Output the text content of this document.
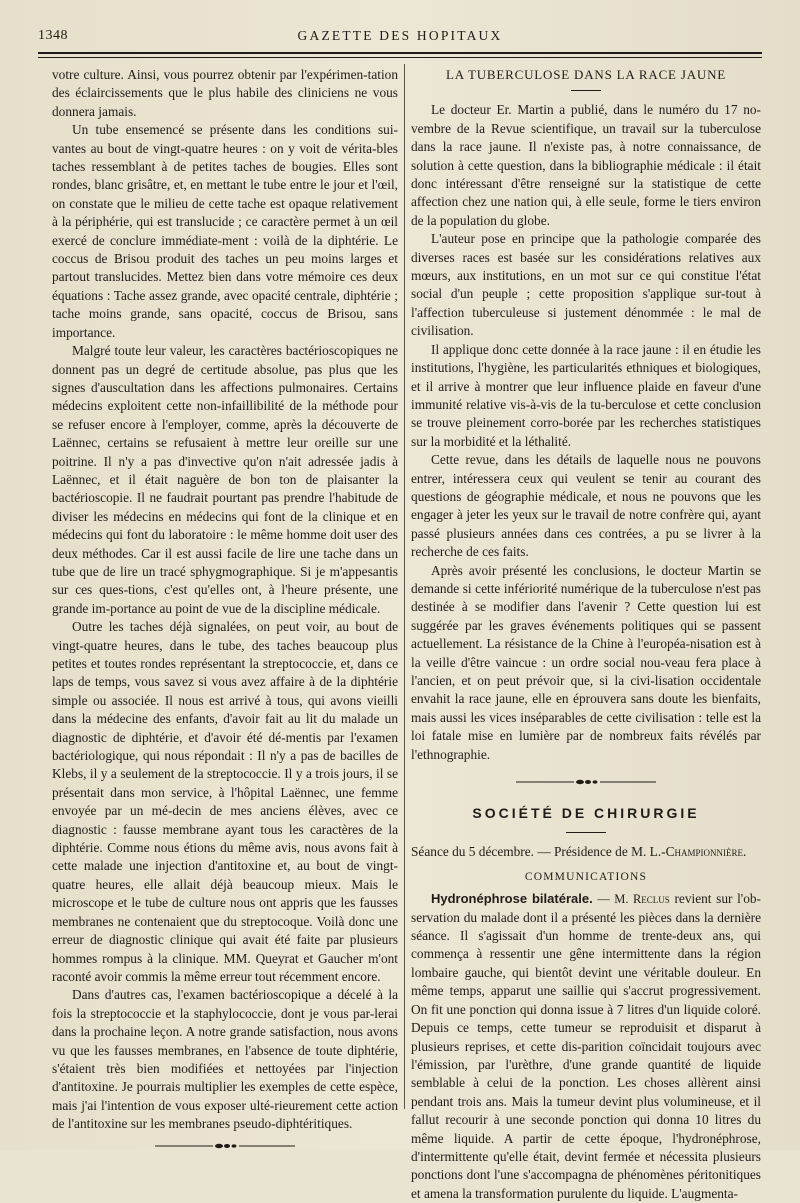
1348	GAZETTE DES HOPITAUX

votre culture. Ainsi, vous pourrez obtenir par l'expérimen-tation des éclaircissements que le plus habile des cliniciens ne vous donnera jamais.

Un tube ensemencé se présente dans les conditions sui-vantes au bout de vingt-quatre heures : on y voit de vérita-bles taches ressemblant à de petites taches de bougies. Elles sont rondes, blanc grisâtre, et, en mettant le tube entre le jour et l'œil, on constate que le milieu de cette tache est opaque relativement à la périphérie, qui est translucide ; ce caractère permet à un œil exercé de conclure immédiate-ment : voilà de la diphtérie. Le coccus de Brisou produit des taches un peu moins larges et partout translucides. Mettez bien dans votre mémoire ces deux équations : Tache assez grande, avec opacité centrale, diphtérie ; tache moins grande, sans opacité, coccus de Brisou, sans importance.

Malgré toute leur valeur, les caractères bactérioscopiques ne donnent pas un degré de certitude absolue, pas plus que les signes d'auscultation dans les affections pulmonaires. Certains médecins exploitent cette non-infaillibilité de la méthode pour se refuser encore à l'employer, comme, après la découverte de Laënnec, certains se refusaient à mettre leur oreille sur une poitrine. Il n'y a pas d'invective qu'on n'ait adressée jadis à Laënnec, et il était naguère de bon ton de plaisanter la bactérioscopie. Il ne faudrait pourtant pas prendre l'habitude de diviser les médecins en médecins qui font de la clinique et en médecins qui font du laboratoire : le même homme doit user des deux méthodes. Car il est aussi facile de lire une tache dans un tube que de lire un tracé sphygmographique. Si je m'appesantis sur ces ques-tions, c'est qu'elles ont, à l'heure présente, une grande im-portance au point de vue de la discipline médicale.

Outre les taches déjà signalées, on peut voir, au bout de vingt-quatre heures, dans le tube, des taches beaucoup plus petites et toutes rondes représentant la streptococcie, et, dans ce laps de temps, vous savez si vous avez affaire à de la diphtérie simple ou associée. Il nous est arrivé à tous, qui avons vieilli dans la médecine des enfants, d'avoir fait au lit du malade un diagnostic de diphtérie, et d'avoir été dé-mentis par l'examen bactériologique, qui nous répondait : Il n'y a pas de bacilles de Klebs, il y a seulement de la streptococcie. Il y a trois jours, il se présentait dans mon service, à l'hôpital Laënnec, une femme envoyée par un mé-decin de mes anciens élèves, avec ce diagnostic : fausse membrane ayant tous les caractères de la diphtérie. Comme nous étions du même avis, nous avons fait à cette malade une injection d'antitoxine et, au bout de vingt-quatre heures, elle allait déjà beaucoup mieux. Mais le microscope et le tube de culture nous ont appris que les fausses membranes ne contenaient que du streptocoque. Voilà donc une erreur de diagnostic clinique qui avait été faite par plusieurs hommes rompus à la clinique. MM. Queyrat et Gaucher m'ont raconté avoir commis la même erreur tout récemment encore.

Dans d'autres cas, l'examen bactérioscopique a décelé à la fois la streptococcie et la staphylococcie, dont je vous par-lerai dans la prochaine leçon. A notre grande satisfaction, nous avons vu que les fausses membranes, en l'absence de toute diphtérie, s'étaient très bien modifiées et nettoyées par l'injection d'antitoxine. Je pourrais multiplier les exemples de cette espèce, mais j'ai l'intention de vous exposer ulté-rieurement cette action de l'antitoxine sur les membranes pseudo-diphtéritiques.

LA TUBERCULOSE DANS LA RACE JAUNE

Le docteur Er. Martin a publié, dans le numéro du 17 no-vembre de la Revue scientifique, un travail sur la tuberculose dans la race jaune. Il n'existe pas, à notre connaissance, de solution à cette question, dans la bibliographie médicale : il était donc intéressant d'être renseigné sur la statistique de cette affection chez une nation qui, à elle seule, forme le tiers environ de la population du globe.

L'auteur pose en principe que la pathologie comparée des diverses races est basée sur les considérations relatives aux mœurs, aux institutions, en un mot sur ce qui constitue l'état social d'un peuple ; cette proposition s'applique sur-tout à l'affection tuberculeuse si justement dénommée : le mal de civilisation.

Il applique donc cette donnée à la race jaune : il en étudie les institutions, l'hygiène, les particularités ethniques et biologiques, et il arrive à montrer que leur influence plaide en faveur d'une immunité relative vis-à-vis de la tu-berculose et cette conclusion se trouve pleinement corro-borée par les recherches statistiques sur la morbidité et la léthalité.

Cette revue, dans les détails de laquelle nous ne pouvons entrer, intéressera ceux qui veulent se tenir au courant des questions de géographie médicale, et nous ne pouvons que les engager à jeter les yeux sur le travail de notre confrère qui, ayant passé plusieurs années dans ces contrées, a pu se livrer à la recherche de ces faits.

Après avoir présenté les conclusions, le docteur Martin se demande si cette infériorité numérique de la tuberculose n'est pas destinée à se modifier dans l'avenir ? Cette question lui est suggérée par les graves événements politiques qui se passent actuellement. La résistance de la Chine à l'européa-nisation est à la veille d'être vaincue : un ordre social nou-veau fera place à l'ancien, et on peut prévoir que, si la civi-lisation occidentale envahit la race jaune, elle en éprouvera sans doute les bienfaits, mais aussi les vices inséparables de cette civilisation : telle est la loi fatale mise en lumière par de nombreux faits révélés par l'ethnographie.

SOCIÉTÉ DE CHIRURGIE

Séance du 5 décembre. — Présidence de M. L.-Championnière.

COMMUNICATIONS

Hydronéphrose bilatérale. — M. Reclus revient sur l'ob-servation du malade dont il a présenté les pièces dans la dernière séance. Il s'agissait d'un homme de trente-deux ans, qui commença à ressentir une gêne intermittente dans la région lombaire gauche, qui bientôt devint une véritable douleur. En même temps, apparut une saillie qui s'accrut progressivement. On fit une ponction qui donna issue à 7 litres d'un liquide coloré. Depuis ce temps, cette tumeur se reproduisit et disparut à plusieurs reprises, et cette dis-parition coïncidait toujours avec l'émission, par l'urèthre, d'une grande quantité de liquide semblable à celui de la ponction. Les choses allèrent ainsi pendant trois ans. Mais la tumeur devint plus volumineuse, et il fallut recourir à une seconde ponction qui donna 10 litres du même liquide. A partir de cette époque, l'hydronéphrose, d'intermittente qu'elle était, devint fermée et nécessita plusieurs ponctions dont l'une s'accompagna de phénomènes péritonitiques et amena la transformation purulente du liquide. L'augmenta-
